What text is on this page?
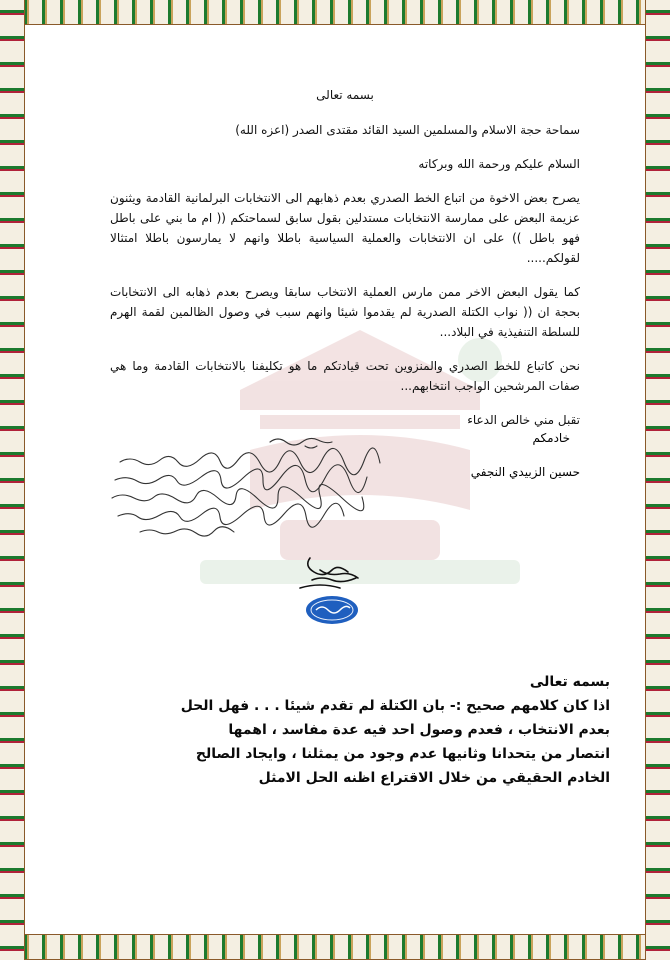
بسمه تعالى

سماحة حجة الاسلام والمسلمين السيد القائد مقتدى الصدر (اعزه الله)

السلام عليكم ورحمة الله وبركاته

يصرح بعض الاخوة من اتباع الخط الصدري بعدم ذهابهم الى الانتخابات البرلمانية القادمة ويثنون عزيمة البعض على ممارسة الانتخابات مستدلين بقول سابق لسماحتكم (( ام ما بني على باطل فهو باطل )) على ان الانتخابات والعملية السياسية باطلا وانهم لا يمارسون باطلا امتثالا لقولكم.....

كما يقول البعض الاخر ممن مارس العملية الانتخاب سابقا ويصرح بعدم ذهابه الى الانتخابات بحجة ان (( نواب الكتلة الصدرية لم يقدموا شيئا وانهم سبب في وصول الظالمين لقمة الهرم للسلطة التنفيذية في البلاد...

نحن كاتباع للخط الصدري والمنزوين تحت قيادتكم ما هو تكليفنا بالانتخابات القادمة وما هي صفات المرشحين الواجب انتخابهم...

تقبل مني خالص الدعاء

خادمكم
حسين الزبيدي النجفي
بسمه تعالى
اذا كان كلامهم صحيح :- بان الكتلة لم تقدم شيئا . . . فهل الحل
بعدم الانتخاب ، فعدم وصول احد فيه عدة مفاسد ، اهمها
انتصار من يتحدانا وثانيها عدم وجود من يمثلنا ، وايجاد الصالح
الخادم الحقيقي من خلال الاقتراع اظنه الحل الامثل
